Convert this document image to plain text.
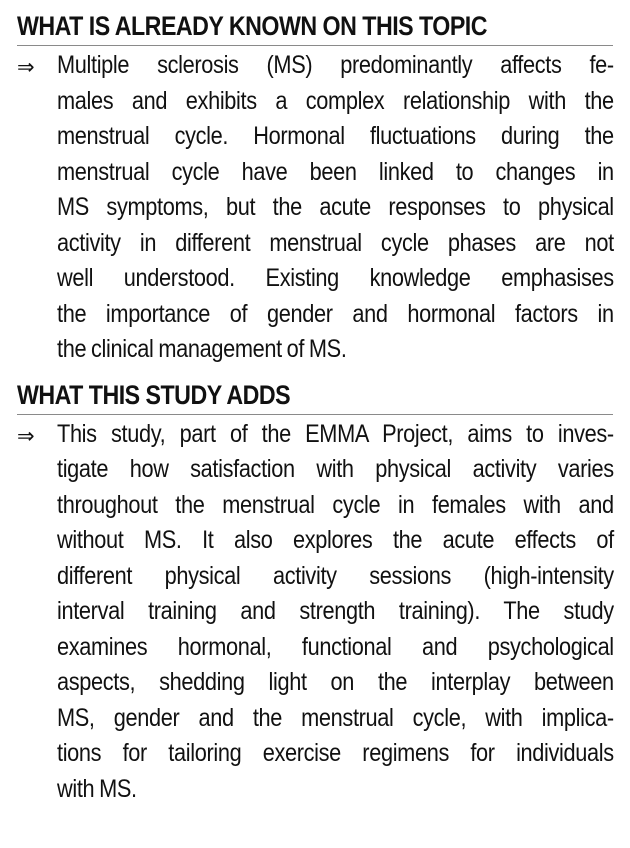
WHAT IS ALREADY KNOWN ON THIS TOPIC
⇒ Multiple sclerosis (MS) predominantly affects fe-
males and exhibits a complex relationship with the
menstrual cycle. Hormonal fluctuations during the
menstrual cycle have been linked to changes in
MS symptoms, but the acute responses to physical
activity in different menstrual cycle phases are not
well understood. Existing knowledge emphasises
the importance of gender and hormonal factors in
the clinical management of MS.

WHAT THIS STUDY ADDS
⇒ This study, part of the EMMA Project, aims to inves-
tigate how satisfaction with physical activity varies
throughout the menstrual cycle in females with and
without MS. It also explores the acute effects of
different physical activity sessions (high-intensity
interval training and strength training). The study
examines hormonal, functional and psychological
aspects, shedding light on the interplay between
MS, gender and the menstrual cycle, with implica-
tions for tailoring exercise regimens for individuals
with MS.
